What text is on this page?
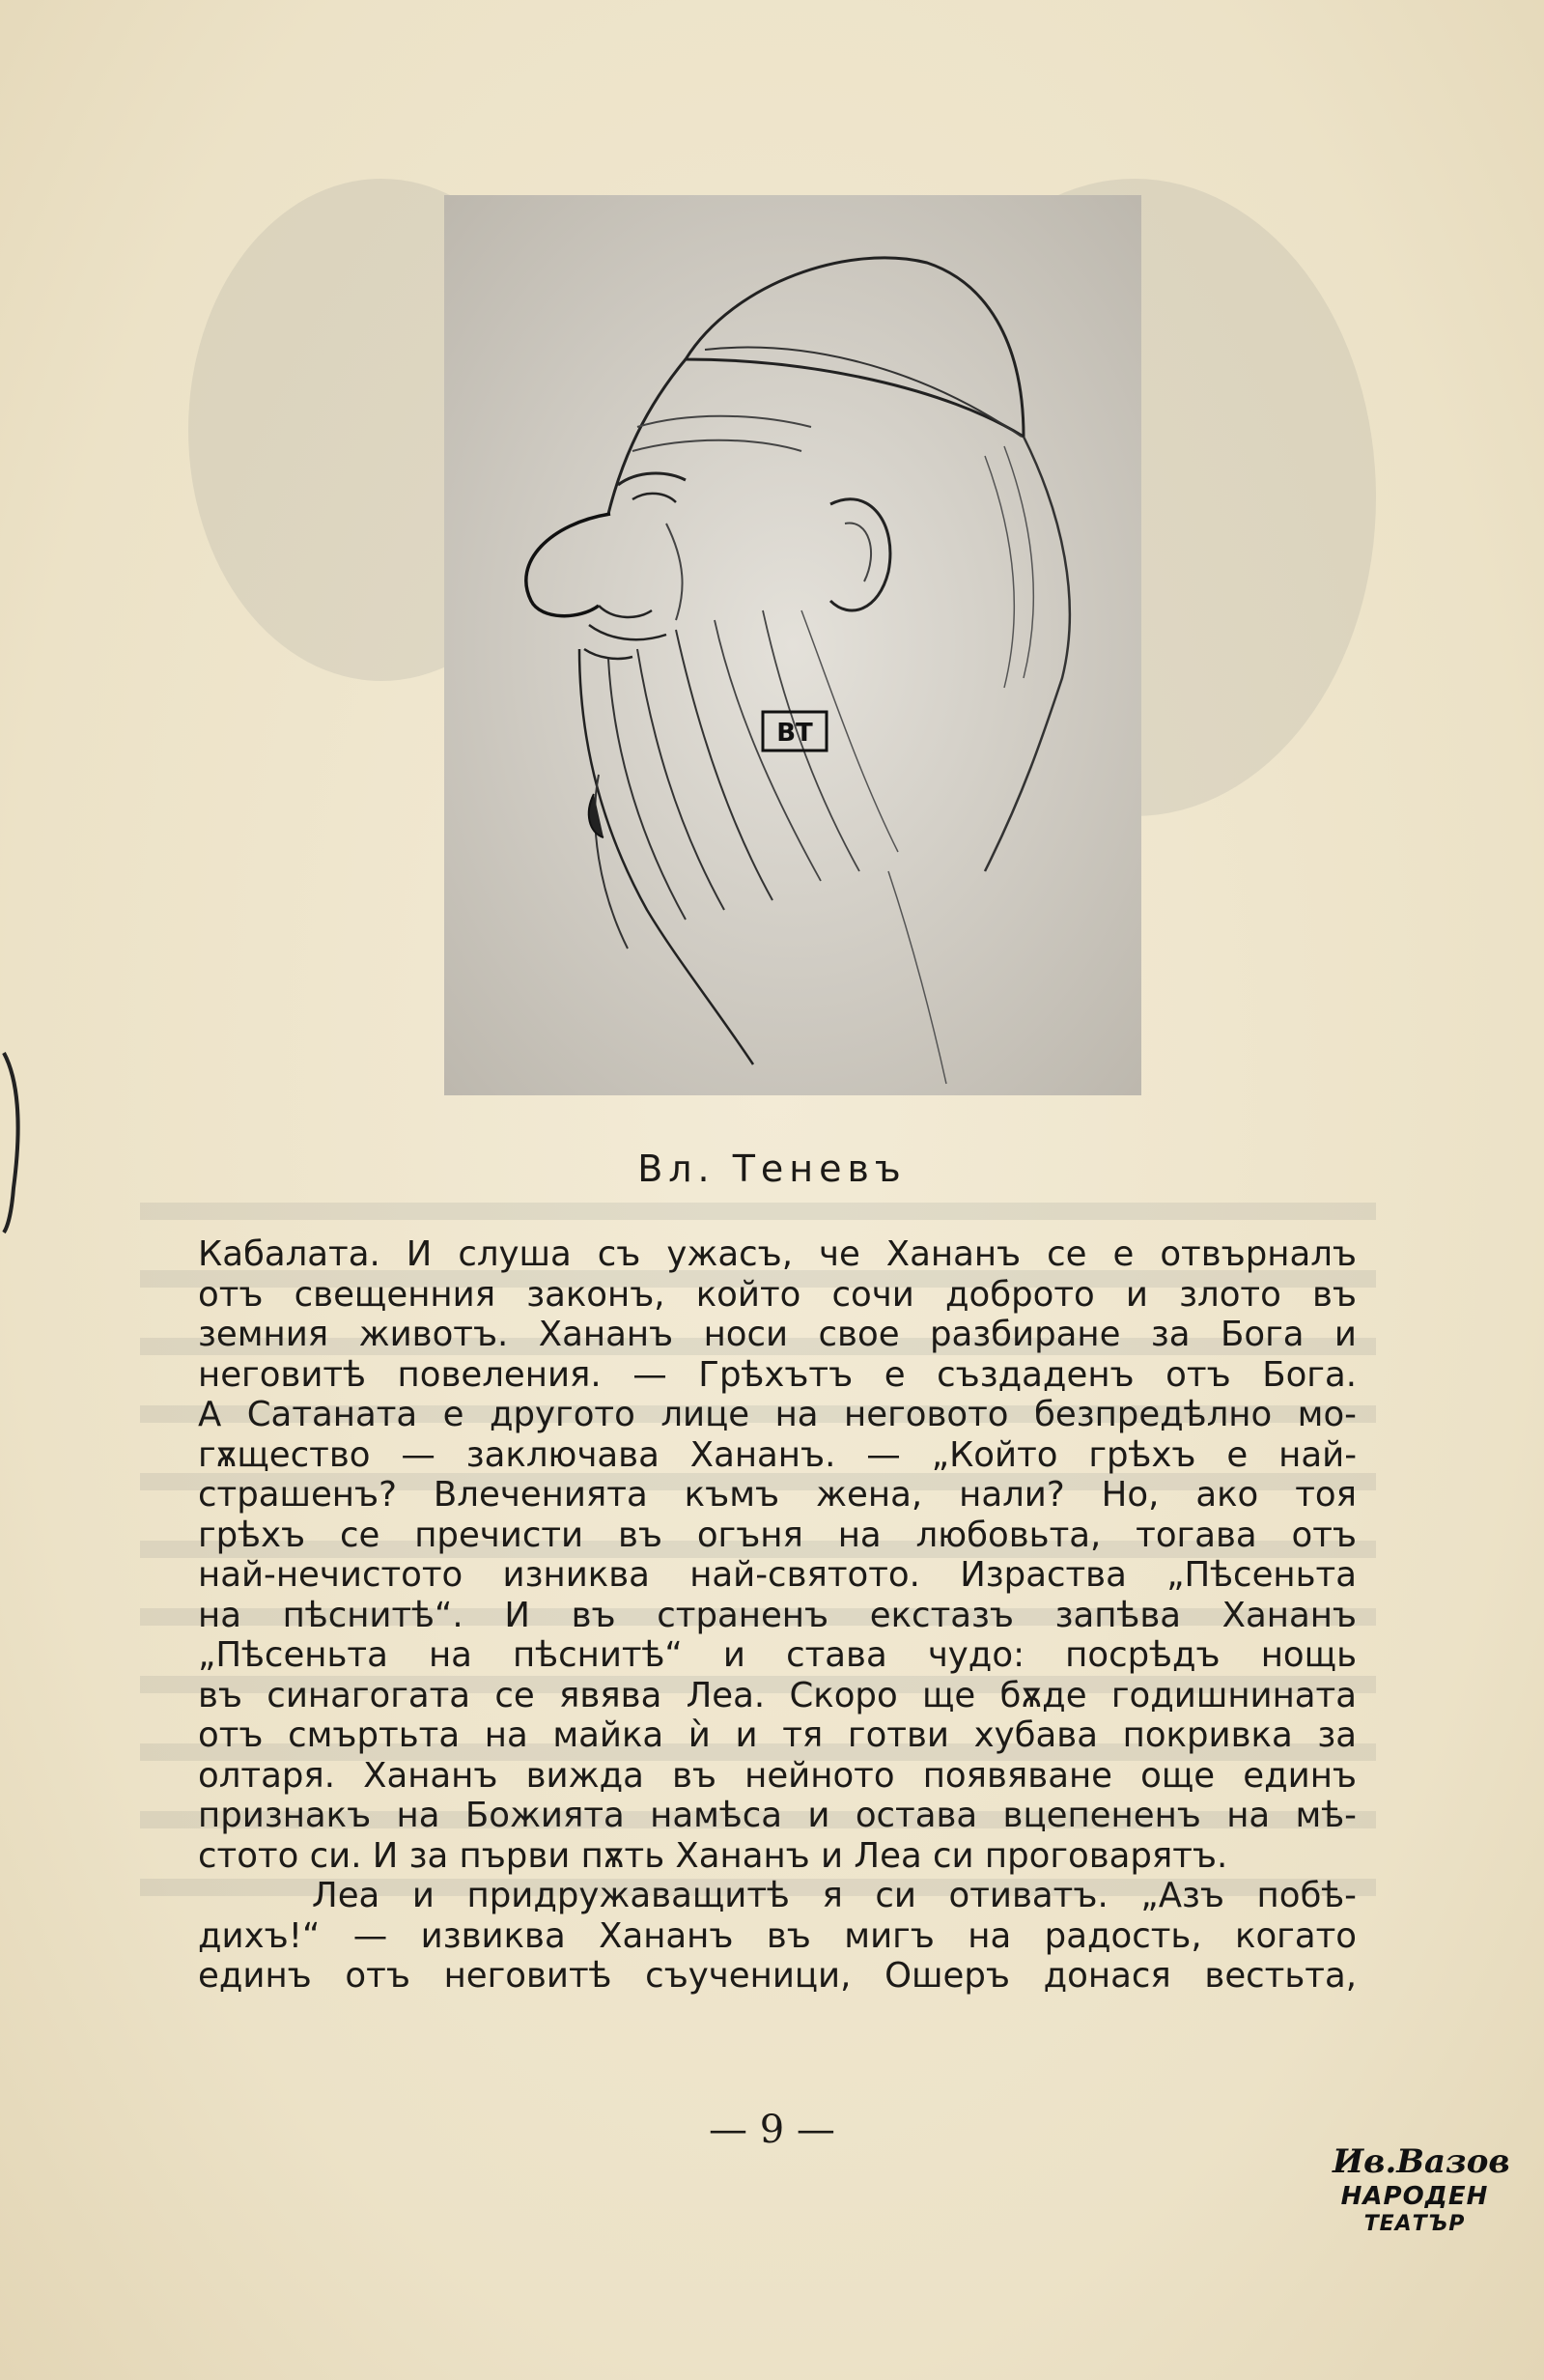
ВТ
Вл. Теневъ
Кабалата. И слуша съ ужасъ, че Хананъ се е отвърналъ
отъ свещенния законъ, който сочи доброто и злото въ
земния животъ. Хананъ носи свое разбиране за Бога и
неговитѣ повеления. — Грѣхътъ е създаденъ отъ Бога.
А Сатаната е другото лице на неговото безпредѣлно мо-
гѫщество — заключава Хананъ. — „Който грѣхъ е най-
страшенъ? Влеченията къмъ жена, нали? Но, ако тоя
грѣхъ се пречисти въ огъня на любовьта, тогава отъ
най-нечистото изниква най-святото. Израства „Пѣсеньта
на пѣснитѣ“. И въ страненъ екстазъ запѣва Хананъ
„Пѣсеньта на пѣснитѣ“ и става чудо: посрѣдъ нощь
въ синагогата се явява Леа. Скоро ще бѫде годишнината
отъ смъртьта на майка ѝ и тя готви хубава покривка за
олтаря. Хананъ вижда въ нейното появяване още единъ
признакъ на Божията намѣса и остава вцепененъ на мѣ-
стото си. И за първи пѫть Хананъ и Леа си проговарятъ.
Леа и придружаващитѣ я си отиватъ. „Азъ побѣ-
дихъ!“ — извиква Хананъ въ мигъ на радость, когато
единъ отъ неговитѣ съученици, Ошеръ донася вестьта,
— 9 —
Ив.Вазов
НАРОДЕН
ТЕАТЪР
